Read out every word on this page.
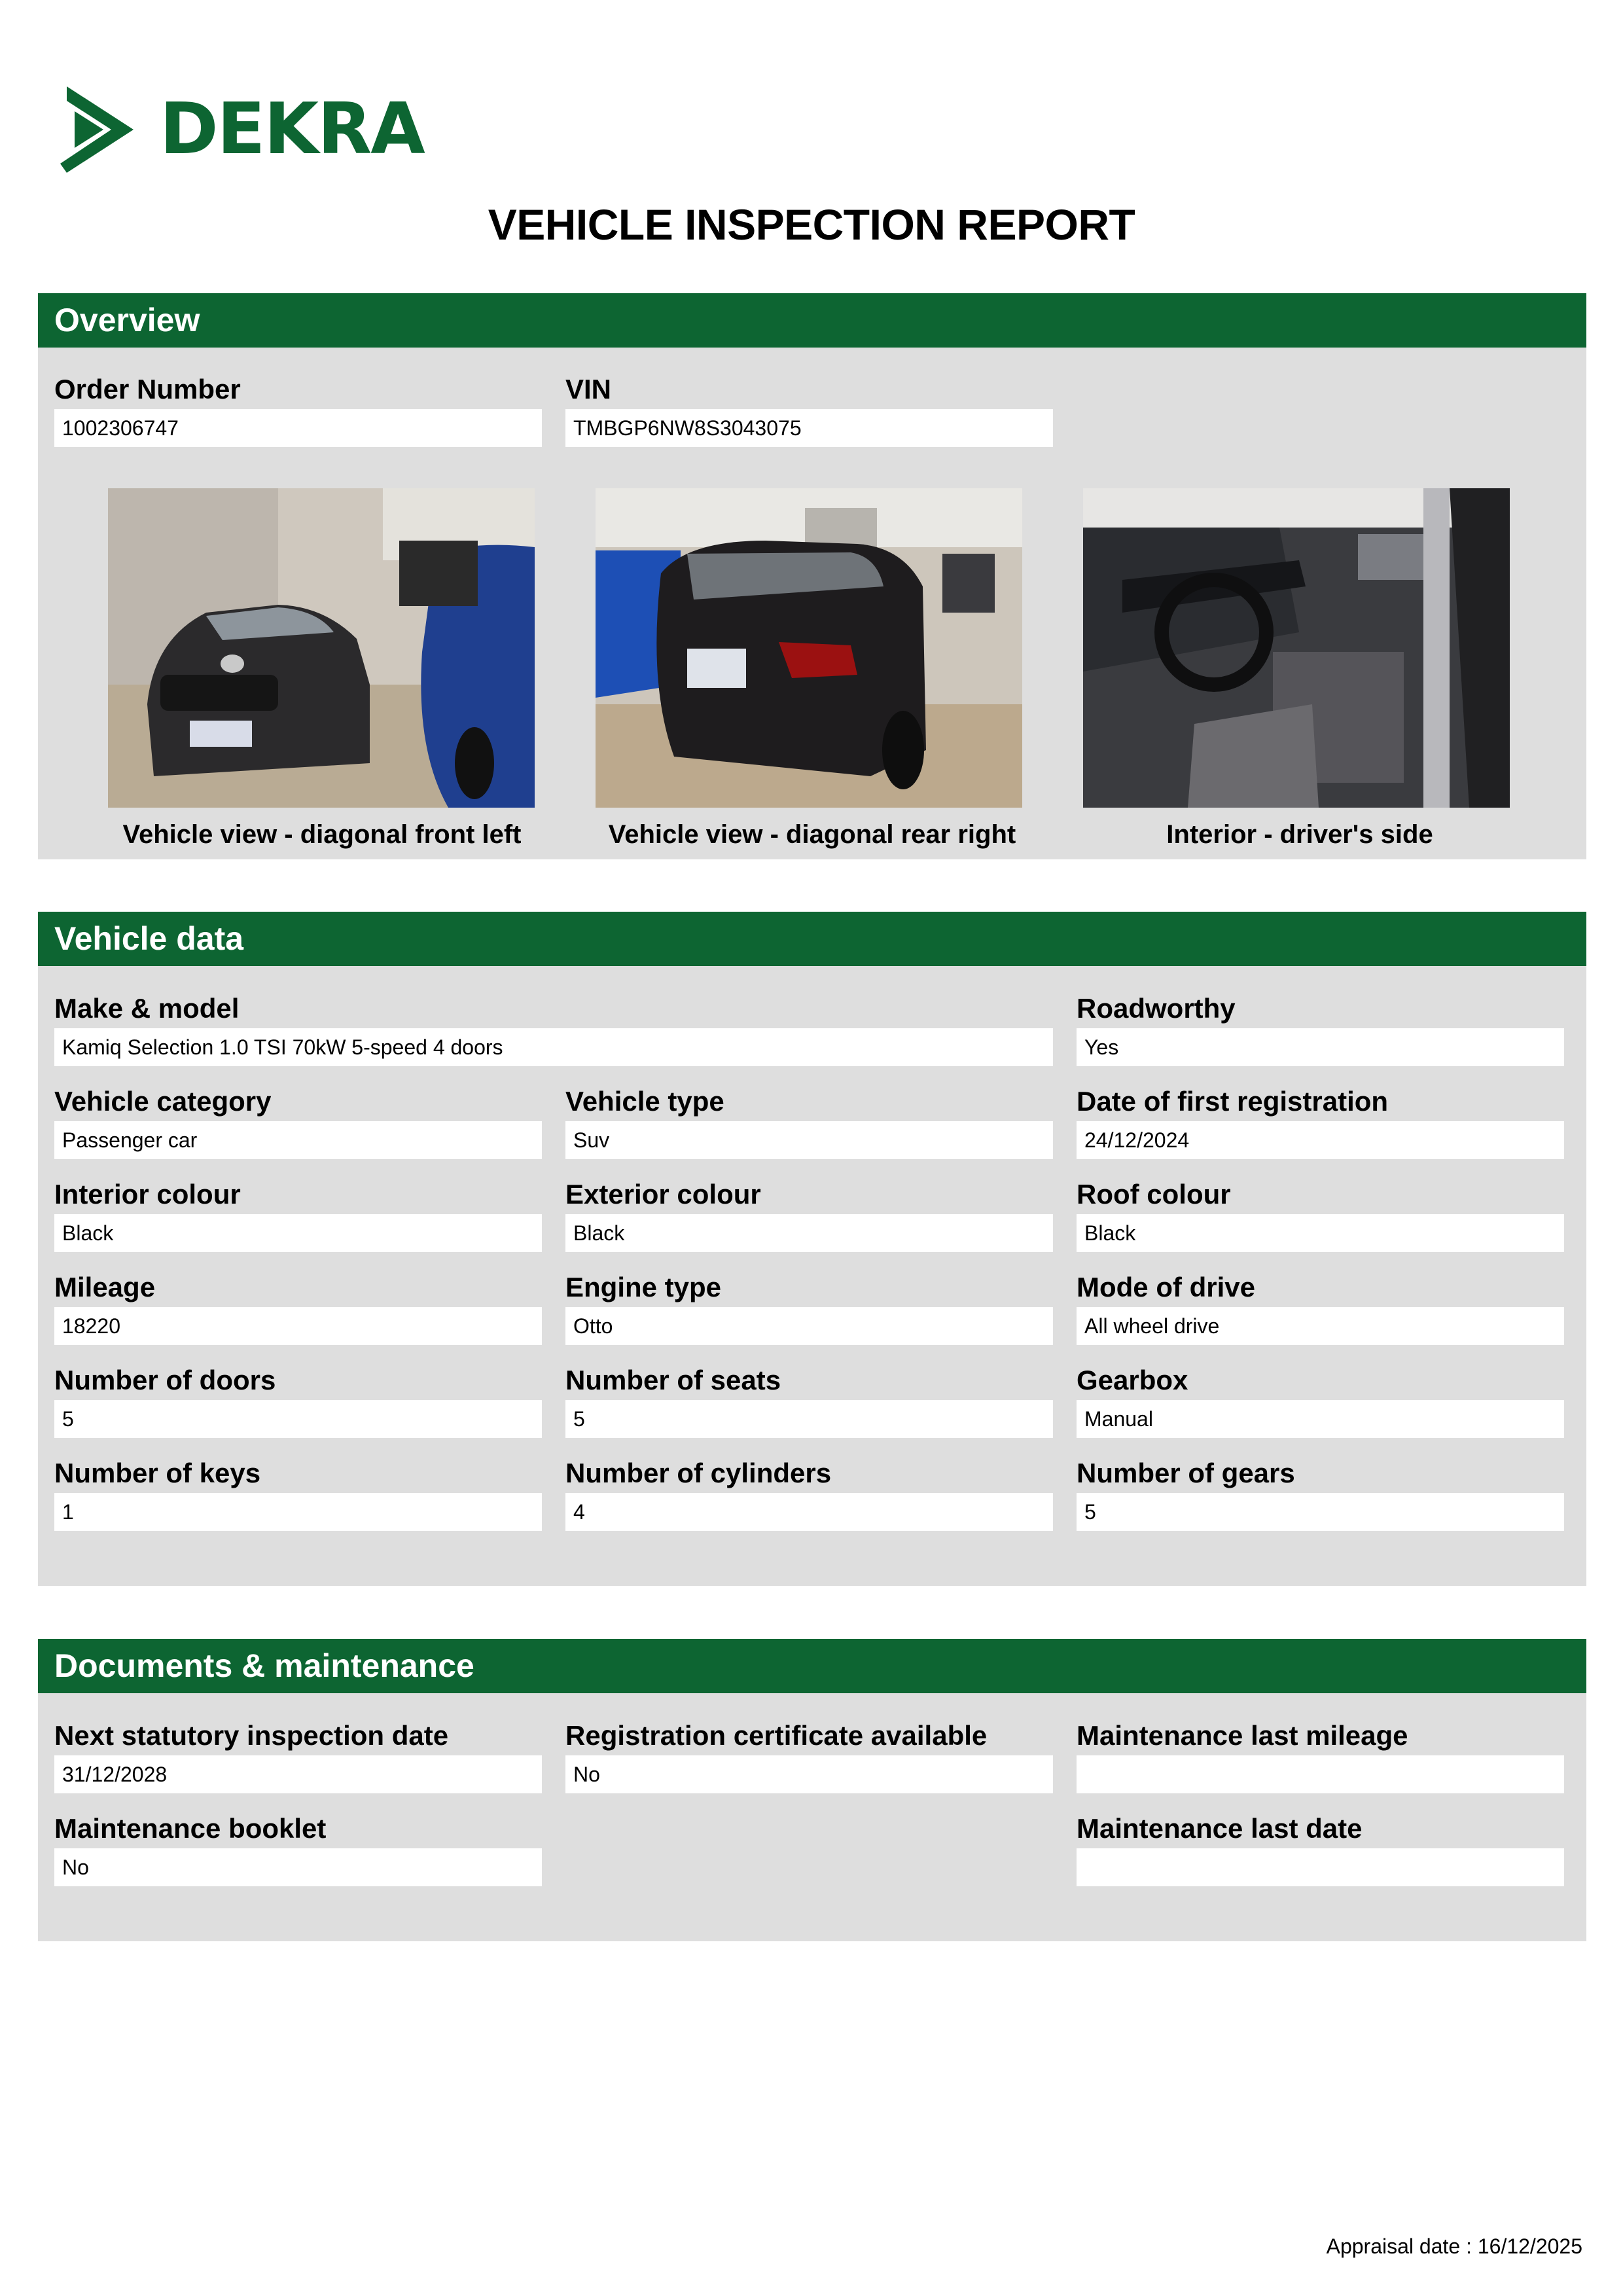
DEKRA
VEHICLE INSPECTION REPORT
Overview
Order Number
1002306747
VIN
TMBGP6NW8S3043075
Vehicle view - diagonal front left	Vehicle view - diagonal rear right	Interior - driver's side
Vehicle data
Make & model
Kamiq Selection 1.0 TSI 70kW 5-speed 4 doors
Roadworthy
Yes
Vehicle category
Passenger car
Vehicle type
Suv
Date of first registration
24/12/2024
Interior colour
Black
Exterior colour
Black
Roof colour
Black
Mileage
18220
Engine type
Otto
Mode of drive
All wheel drive
Number of doors
5
Number of seats
5
Gearbox
Manual
Number of keys
1
Number of cylinders
4
Number of gears
5
Documents & maintenance
Next statutory inspection date
31/12/2028
Registration certificate available
No
Maintenance last mileage
Maintenance booklet
No
Maintenance last date
Appraisal date : 16/12/2025
